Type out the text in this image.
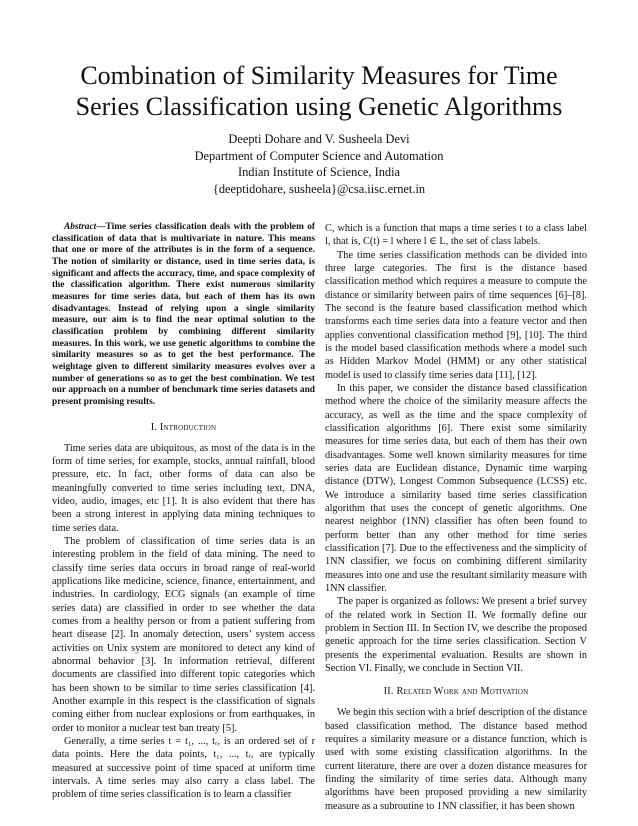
Combination of Similarity Measures for Time
Series Classification using Genetic Algorithms
Deepti Dohare and V. Susheela Devi
Department of Computer Science and Automation
Indian Institute of Science, India
{deeptidohare, susheela}@csa.iisc.ernet.in

Abstract—Time series classification deals with the problem of classification of data that is multivariate in nature. This means that one or more of the attributes is in the form of a sequence. The notion of similarity or distance, used in time series data, is significant and affects the accuracy, time, and space complexity of the classification algorithm. There exist numerous similarity measures for time series data, but each of them has its own disadvantages. Instead of relying upon a single similarity measure, our aim is to find the near optimal solution to the classification problem by combining different similarity measures. In this work, we use genetic algorithms to combine the similarity measures so as to get the best performance. The weightage given to different similarity measures evolves over a number of generations so as to get the best combination. We test our approach on a number of benchmark time series datasets and present promising results.

I. Introduction

Time series data are ubiquitous, as most of the data is in the form of time series, for example, stocks, annual rainfall, blood pressure, etc. In fact, other forms of data can also be meaningfully converted to time series including text, DNA, video, audio, images, etc [1]. It is also evident that there has been a strong interest in applying data mining techniques to time series data.

The problem of classification of time series data is an interesting problem in the field of data mining. The need to classify time series data occurs in broad range of real-world applications like medicine, science, finance, entertainment, and industries. In cardiology, ECG signals (an example of time series data) are classified in order to see whether the data comes from a healthy person or from a patient suffering from heart disease [2]. In anomaly detection, users’ system access activities on Unix system are monitored to detect any kind of abnormal behavior [3]. In information retrieval, different documents are classified into different topic categories which has been shown to be similar to time series classification [4]. Another example in this respect is the classification of signals coming either from nuclear explosions or from earthquakes, in order to monitor a nuclear test ban treaty [5].

Generally, a time series t = t₁, ..., tᵣ, is an ordered set of r data points. Here the data points, t₁, ..., tᵣ, are typically measured at successive point of time spaced at uniform time intervals. A time series may also carry a class label. The problem of time series classification is to learn a classifier

C, which is a function that maps a time series t to a class label l, that is, C(t) = l where l ∈ L, the set of class labels.

The time series classification methods can be divided into three large categories. The first is the distance based classification method which requires a measure to compute the distance or similarity between pairs of time sequences [6]–[8]. The second is the feature based classification method which transforms each time series data into a feature vector and then applies conventional classification method [9], [10]. The third is the model based classification methods where a model such as Hidden Markov Model (HMM) or any other statistical model is used to classify time series data [11], [12].

In this paper, we consider the distance based classification method where the choice of the similarity measure affects the accuracy, as well as the time and the space complexity of classification algorithms [6]. There exist some similarity measures for time series data, but each of them has their own disadvantages. Some well known similarity measures for time series data are Euclidean distance, Dynamic time warping distance (DTW), Longest Common Subsequence (LCSS) etc. We introduce a similarity based time series classification algorithm that uses the concept of genetic algorithms. One nearest neighbor (1NN) classifier has often been found to perform better than any other method for time series classification [7]. Due to the effectiveness and the simplicity of 1NN classifier, we focus on combining different similarity measures into one and use the resultant similarity measure with 1NN classifier.

The paper is organized as follows: We present a brief survey of the related work in Section II. We formally define our problem in Section III. In Section IV, we describe the proposed genetic approach for the time series classification. Section V presents the experimental evaluation. Results are shown in Section VI. Finally, we conclude in Section VII.

II. Related Work and Motivation

We begin this section with a brief description of the distance based classification method. The distance based method requires a similarity measure or a distance function, which is used with some existing classification algorithms. In the current literature, there are over a dozen distance measures for finding the similarity of time series data. Although many algorithms have been proposed providing a new similarity measure as a subroutine to 1NN classifier, it has been shown
